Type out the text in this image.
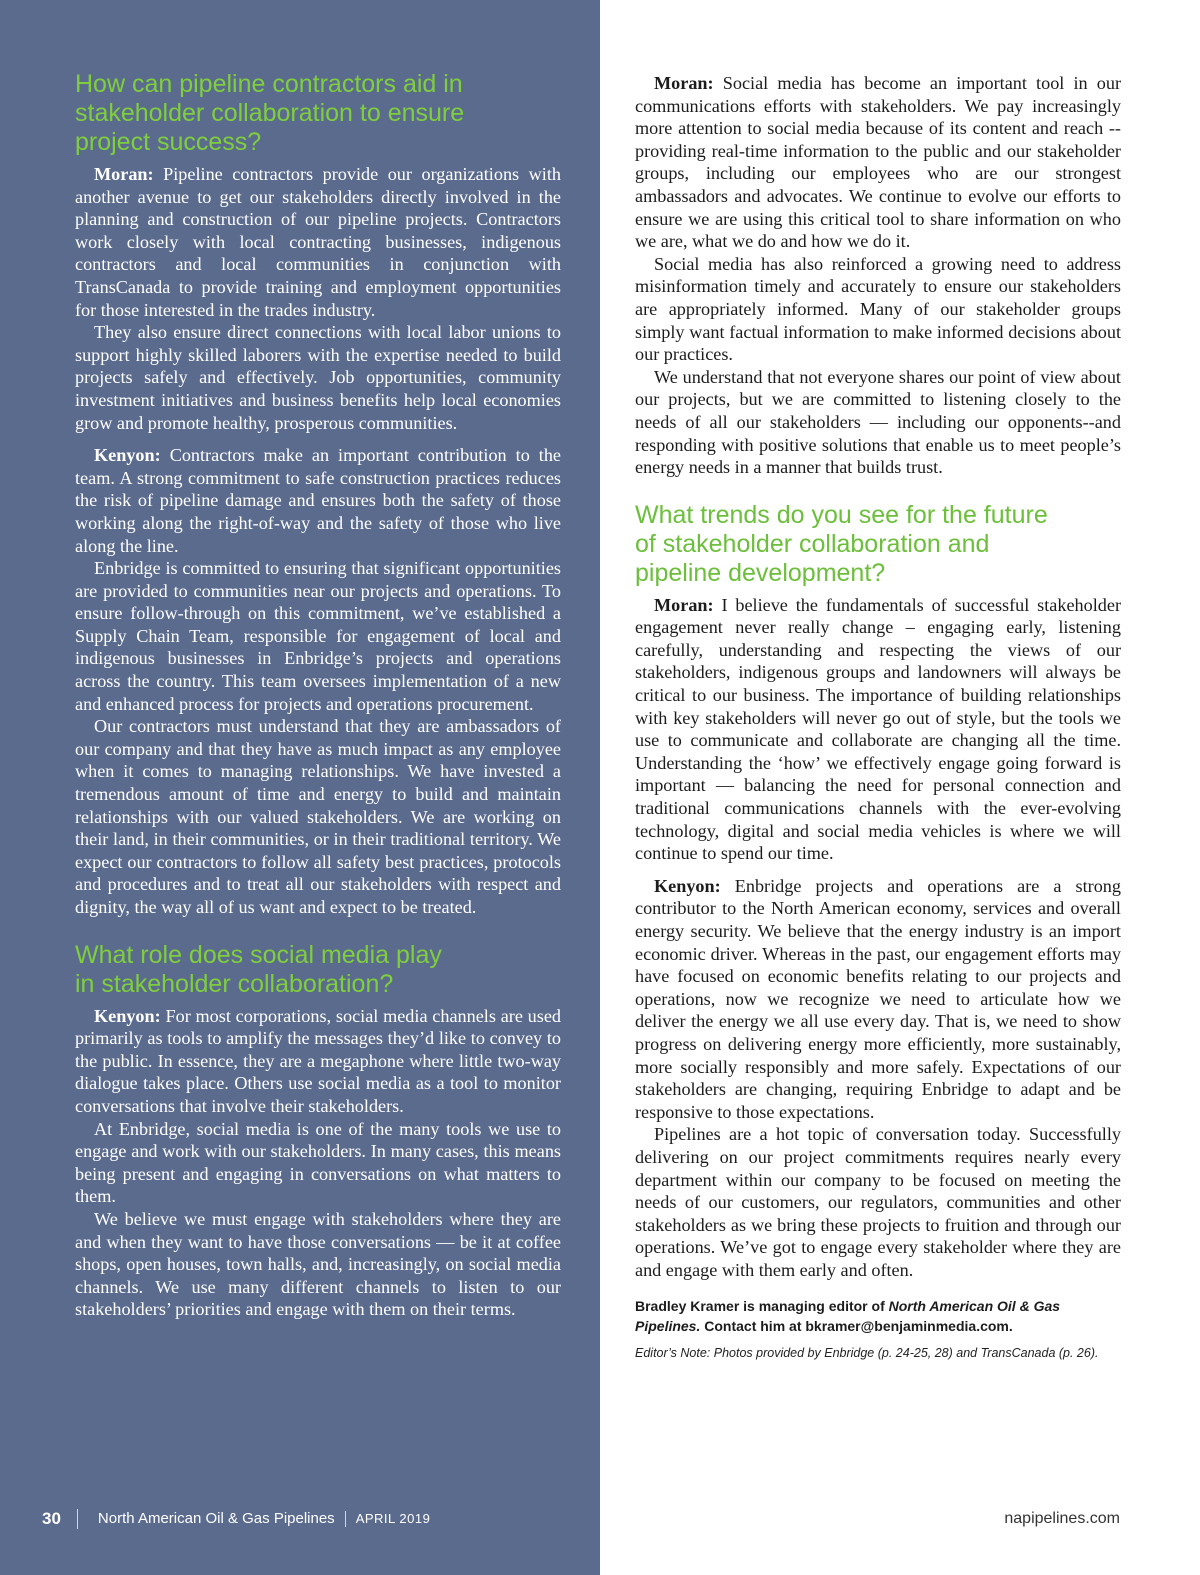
How can pipeline contractors aid in stakeholder collaboration to ensure project success?

Moran: Pipeline contractors provide our organizations with another avenue to get our stakeholders directly involved in the planning and construction of our pipeline projects. Contractors work closely with local contracting businesses, indigenous contractors and local communities in conjunction with TransCanada to provide training and employment opportunities for those interested in the trades industry.

They also ensure direct connections with local labor unions to support highly skilled laborers with the expertise needed to build projects safely and effectively. Job opportunities, community investment initiatives and business benefits help local economies grow and promote healthy, prosperous communities.

Kenyon: Contractors make an important contribution to the team. A strong commitment to safe construction practices reduces the risk of pipeline damage and ensures both the safety of those working along the right-of-way and the safety of those who live along the line.

Enbridge is committed to ensuring that significant opportunities are provided to communities near our projects and operations. To ensure follow-through on this commitment, we’ve established a Supply Chain Team, responsible for engagement of local and indigenous businesses in Enbridge’s projects and operations across the country. This team oversees implementation of a new and enhanced process for projects and operations procurement.

Our contractors must understand that they are ambassadors of our company and that they have as much impact as any employee when it comes to managing relationships. We have invested a tremendous amount of time and energy to build and maintain relationships with our valued stakeholders. We are working on their land, in their communities, or in their traditional territory. We expect our contractors to follow all safety best practices, protocols and procedures and to treat all our stakeholders with respect and dignity, the way all of us want and expect to be treated.

What role does social media play in stakeholder collaboration?

Kenyon: For most corporations, social media channels are used primarily as tools to amplify the messages they’d like to convey to the public. In essence, they are a megaphone where little two-way dialogue takes place. Others use social media as a tool to monitor conversations that involve their stakeholders.

At Enbridge, social media is one of the many tools we use to engage and work with our stakeholders. In many cases, this means being present and engaging in conversations on what matters to them.

We believe we must engage with stakeholders where they are and when they want to have those conversations — be it at coffee shops, open houses, town halls, and, increasingly, on social media channels. We use many different channels to listen to our stakeholders’ priorities and engage with them on their terms.

Moran: Social media has become an important tool in our communications efforts with stakeholders. We pay increasingly more attention to social media because of its content and reach --providing real-time information to the public and our stakeholder groups, including our employees who are our strongest ambassadors and advocates. We continue to evolve our efforts to ensure we are using this critical tool to share information on who we are, what we do and how we do it.

Social media has also reinforced a growing need to address misinformation timely and accurately to ensure our stakeholders are appropriately informed. Many of our stakeholder groups simply want factual information to make informed decisions about our practices.

We understand that not everyone shares our point of view about our projects, but we are committed to listening closely to the needs of all our stakeholders — including our opponents--and responding with positive solutions that enable us to meet people’s energy needs in a manner that builds trust.

What trends do you see for the future of stakeholder collaboration and pipeline development?

Moran: I believe the fundamentals of successful stakeholder engagement never really change – engaging early, listening carefully, understanding and respecting the views of our stakeholders, indigenous groups and landowners will always be critical to our business. The importance of building relationships with key stakeholders will never go out of style, but the tools we use to communicate and collaborate are changing all the time. Understanding the ‘how’ we effectively engage going forward is important — balancing the need for personal connection and traditional communications channels with the ever-evolving technology, digital and social media vehicles is where we will continue to spend our time.

Kenyon: Enbridge projects and operations are a strong contributor to the North American economy, services and overall energy security. We believe that the energy industry is an import economic driver. Whereas in the past, our engagement efforts may have focused on economic benefits relating to our projects and operations, now we recognize we need to articulate how we deliver the energy we all use every day. That is, we need to show progress on delivering energy more efficiently, more sustainably, more socially responsibly and more safely. Expectations of our stakeholders are changing, requiring Enbridge to adapt and be responsive to those expectations.

Pipelines are a hot topic of conversation today. Successfully delivering on our project commitments requires nearly every department within our company to be focused on meeting the needs of our customers, our regulators, communities and other stakeholders as we bring these projects to fruition and through our operations. We’ve got to engage every stakeholder where they are and engage with them early and often.

Bradley Kramer is managing editor of North American Oil & Gas Pipelines. Contact him at bkramer@benjaminmedia.com.

Editor’s Note: Photos provided by Enbridge (p. 24-25, 28) and TransCanada (p. 26).

30 North American Oil & Gas Pipelines APRIL 2019	napipelines.com
